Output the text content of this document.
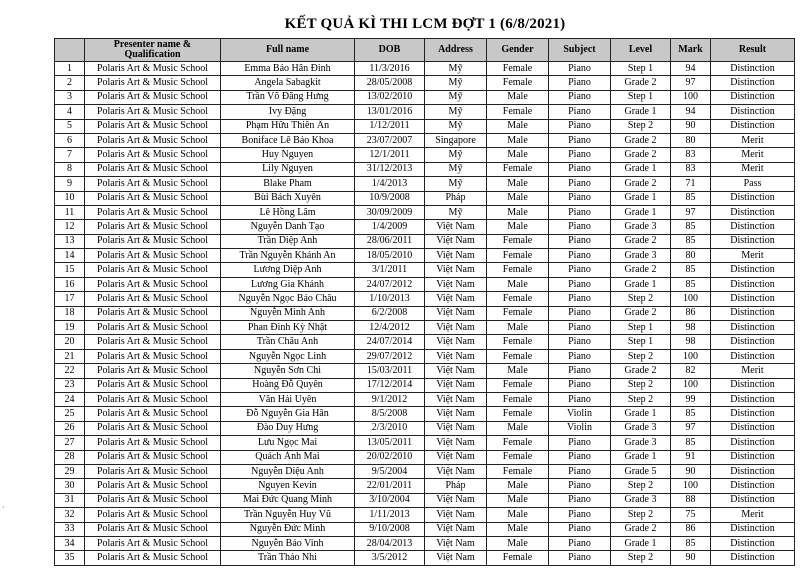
KẾT QUẢ KÌ THI LCM ĐỢT 1 (6/8/2021)
·
	Presenter name & Qualification	Full name	DOB	Address	Gender	Subject	Level	Mark	Result
1	Polaris Art & Music School	Emma Bảo Hân Đinh	11/3/2016	Mỹ	Female	Piano	Step 1	94	Distinction
2	Polaris Art & Music School	Angela Sabagkit	28/05/2008	Mỹ	Female	Piano	Grade 2	97	Distinction
3	Polaris Art & Music School	Trần Võ Đăng Hưng	13/02/2010	Mỹ	Male	Piano	Step 1	100	Distinction
4	Polaris Art & Music School	Ivy Đặng	13/01/2016	Mỹ	Female	Piano	Grade 1	94	Distinction
5	Polaris Art & Music School	Phạm Hữu Thiên Ân	1/12/2011	Mỹ	Male	Piano	Step 2	90	Distinction
6	Polaris Art & Music School	Boniface Lê Bảo Khoa	23/07/2007	Singapore	Male	Piano	Grade 2	80	Merit
7	Polaris Art & Music School	Huy Nguyen	12/1/2011	Mỹ	Male	Piano	Grade 2	83	Merit
8	Polaris Art & Music School	Lily Nguyen	31/12/2013	Mỹ	Female	Piano	Grade 1	83	Merit
9	Polaris Art & Music School	Blake Pham	1/4/2013	Mỹ	Male	Piano	Grade 2	71	Pass
10	Polaris Art & Music School	Bùi Bách Xuyên	10/9/2008	Pháp	Male	Piano	Grade 1	85	Distinction
11	Polaris Art & Music School	Lê Hồng Lâm	30/09/2009	Mỹ	Male	Piano	Grade 1	97	Distinction
12	Polaris Art & Music School	Nguyễn Danh Tạo	1/4/2009	Việt Nam	Male	Piano	Grade 3	85	Distinction
13	Polaris Art & Music School	Trần Diệp Anh	28/06/2011	Việt Nam	Female	Piano	Grade 2	85	Distinction
14	Polaris Art & Music School	Trần Nguyễn Khánh An	18/05/2010	Việt Nam	Female	Piano	Grade 3	80	Merit
15	Polaris Art & Music School	Lương Diệp Anh	3/1/2011	Việt Nam	Female	Piano	Grade 2	85	Distinction
16	Polaris Art & Music School	Lương Gia Khánh	24/07/2012	Việt Nam	Male	Piano	Grade 1	85	Distinction
17	Polaris Art & Music School	Nguyễn Ngọc Bảo Châu	1/10/2013	Việt Nam	Female	Piano	Step 2	100	Distinction
18	Polaris Art & Music School	Nguyễn Minh Anh	6/2/2008	Việt Nam	Female	Piano	Grade 2	86	Distinction
19	Polaris Art & Music School	Phan Đình Kỳ Nhật	12/4/2012	Việt Nam	Male	Piano	Step 1	98	Distinction
20	Polaris Art & Music School	Trần Châu Anh	24/07/2014	Việt Nam	Female	Piano	Step 1	98	Distinction
21	Polaris Art & Music School	Nguyễn Ngọc Linh	29/07/2012	Việt Nam	Female	Piano	Step 2	100	Distinction
22	Polaris Art & Music School	Nguyễn Sơn Chi	15/03/2011	Việt Nam	Male	Piano	Grade 2	82	Merit
23	Polaris Art & Music School	Hoàng Đỗ Quyên	17/12/2014	Việt Nam	Female	Piano	Step 2	100	Distinction
24	Polaris Art & Music School	Văn Hải Uyên	9/1/2012	Việt Nam	Female	Piano	Step 2	99	Distinction
25	Polaris Art & Music School	Đỗ Nguyễn Gia Hân	8/5/2008	Việt Nam	Female	Violin	Grade 1	85	Distinction
26	Polaris Art & Music School	Đào Duy Hưng	2/3/2010	Việt Nam	Male	Violin	Grade 3	97	Distinction
27	Polaris Art & Music School	Lưu Ngọc Mai	13/05/2011	Việt Nam	Female	Piano	Grade 3	85	Distinction
28	Polaris Art & Music School	Quách Ánh Mai	20/02/2010	Việt Nam	Female	Piano	Grade 1	91	Distinction
29	Polaris Art & Music School	Nguyễn Diệu Anh	9/5/2004	Việt Nam	Female	Piano	Grade 5	90	Distinction
30	Polaris Art & Music School	Nguyen Kevin	22/01/2011	Pháp	Male	Piano	Step 2	100	Distinction
31	Polaris Art & Music School	Mai Đức Quang Minh	3/10/2004	Việt Nam	Male	Piano	Grade 3	88	Distinction
32	Polaris Art & Music School	Trần Nguyễn Huy Vũ	1/11/2013	Việt Nam	Male	Piano	Step 2	75	Merit
33	Polaris Art & Music School	Nguyễn Đức Minh	9/10/2008	Việt Nam	Male	Piano	Grade 2	86	Distinction
34	Polaris Art & Music School	Nguyễn Bảo Vinh	28/04/2013	Việt Nam	Male	Piano	Grade 1	85	Distinction
35	Polaris Art & Music School	Trần Thảo Nhi	3/5/2012	Việt Nam	Female	Piano	Step 2	90	Distinction
